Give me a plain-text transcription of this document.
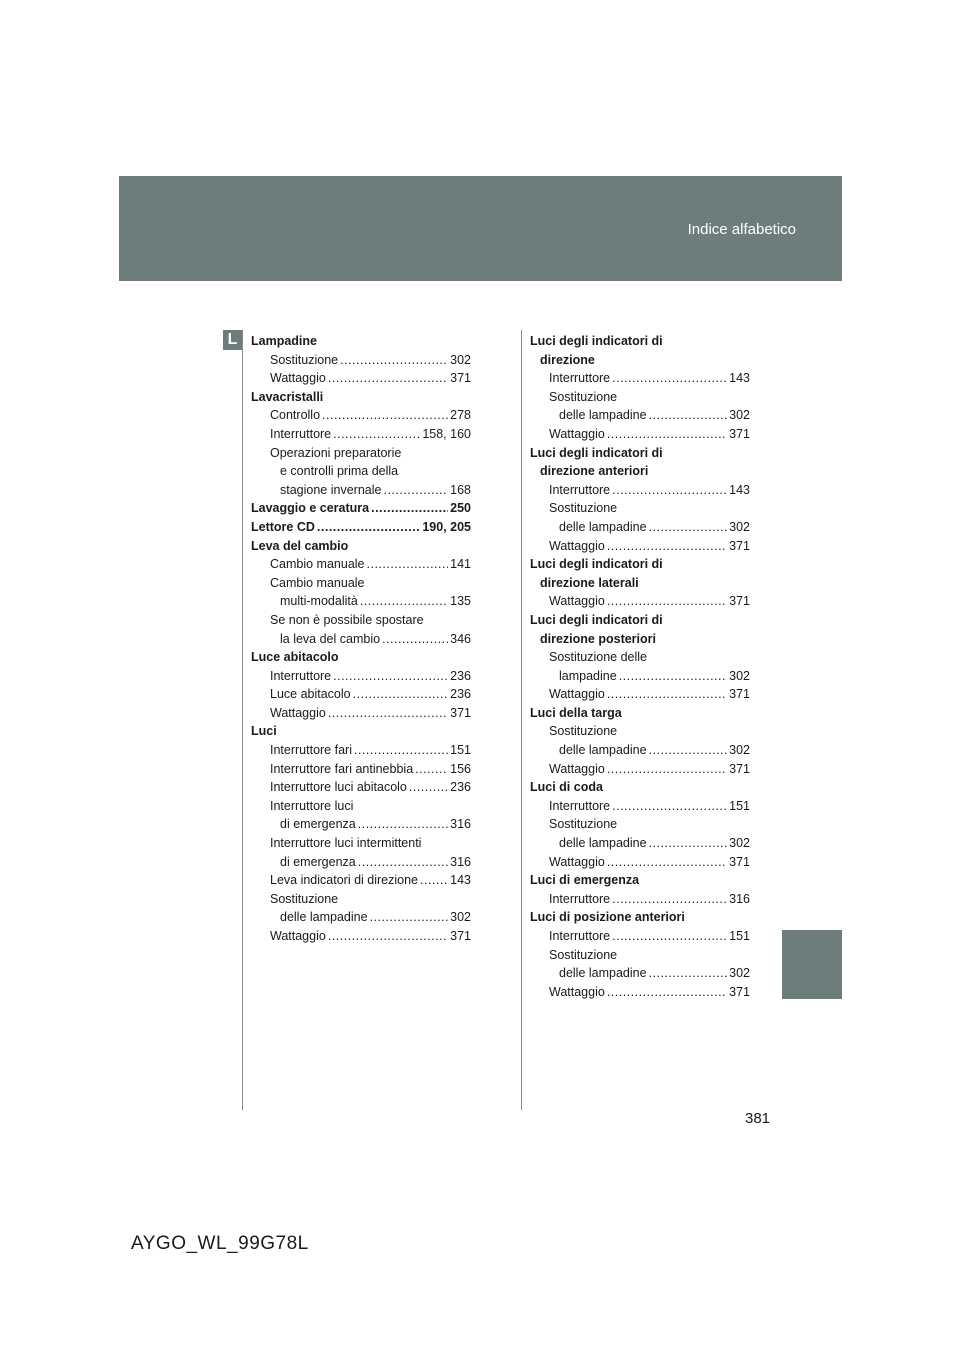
Indice alfabetico
L	Lampadine
Sostituzione .....	302
Wattaggio .....	371
Lavacristalli
Controllo .....	278
Interruttore .....	158, 160
Operazioni preparatorie
e controlli prima della
stagione invernale .....	168
Lavaggio e ceratura .....	250
Lettore CD .....	190, 205
Leva del cambio
Cambio manuale .....	141
Cambio manuale
multi-modalità .....	135
Se non è possibile spostare
la leva del cambio .....	346
Luce abitacolo
Interruttore .....	236
Luce abitacolo .....	236
Wattaggio .....	371
Luci
Interruttore fari .....	151
Interruttore fari antinebbia .....	156
Interruttore luci abitacolo .....	236
Interruttore luci
di emergenza .....	316
Interruttore luci intermittenti
di emergenza .....	316
Leva indicatori di direzione .....	143
Sostituzione
delle lampadine .....	302
Wattaggio .....	371
Luci degli indicatori di
direzione
Interruttore .....	143
Sostituzione
delle lampadine .....	302
Wattaggio .....	371
Luci degli indicatori di
direzione anteriori
Interruttore .....	143
Sostituzione
delle lampadine .....	302
Wattaggio .....	371
Luci degli indicatori di
direzione laterali
Wattaggio .....	371
Luci degli indicatori di
direzione posteriori
Sostituzione delle
lampadine .....	302
Wattaggio .....	371
Luci della targa
Sostituzione
delle lampadine .....	302
Wattaggio .....	371
Luci di coda
Interruttore .....	151
Sostituzione
delle lampadine .....	302
Wattaggio .....	371
Luci di emergenza
Interruttore .....	316
Luci di posizione anteriori
Interruttore .....	151
Sostituzione
delle lampadine .....	302
Wattaggio .....	371
381
AYGO_WL_99G78L
